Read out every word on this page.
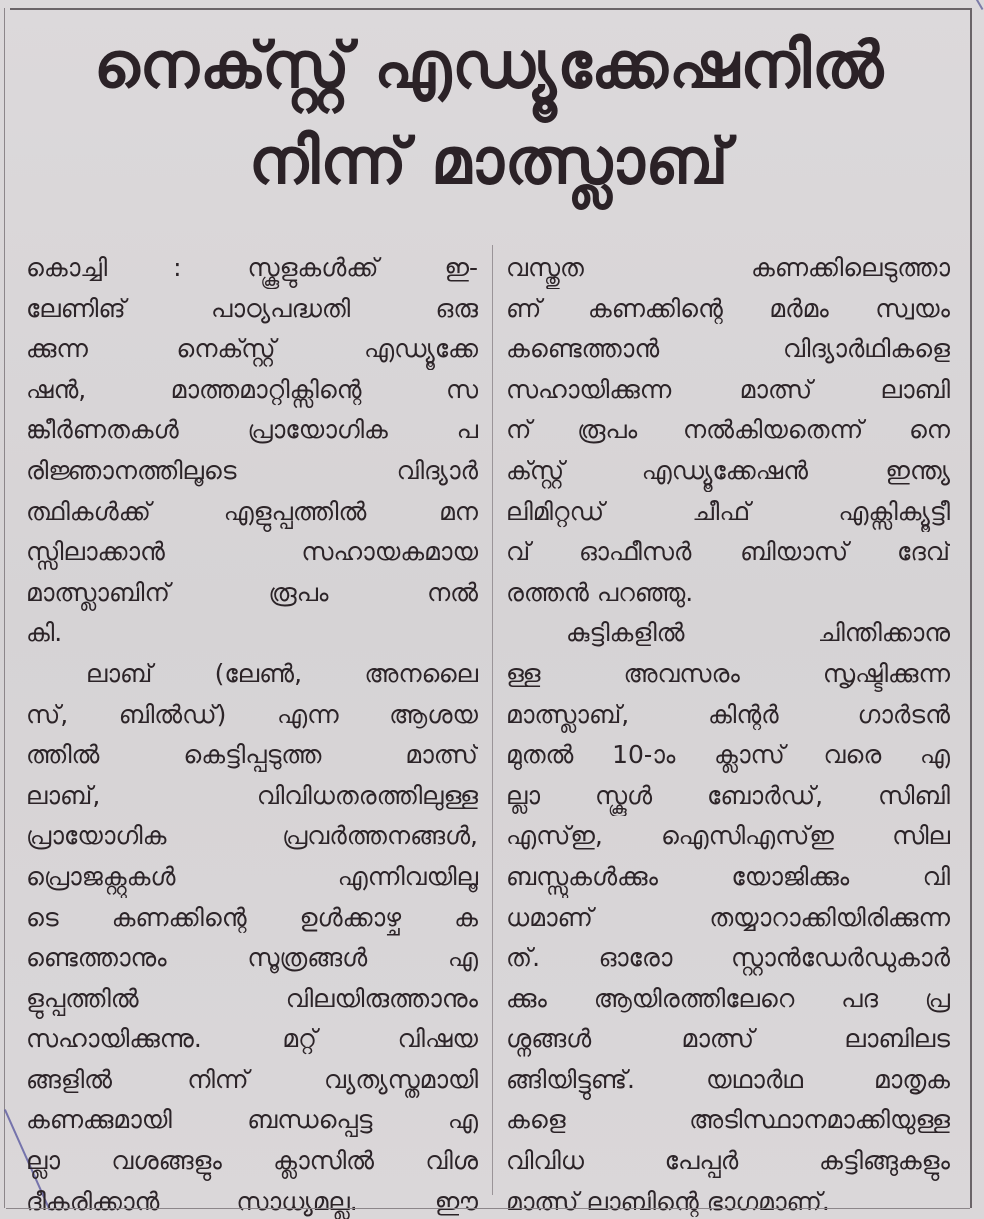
നെക്സ്റ്റ് എഡ്യൂക്കേഷനിൽ
നിന്ന് മാത്സ്ലാബ്
കൊച്ചി : സ്കൂളുകൾക്ക് ഇ-
ലേണിങ് പാഠ്യപദ്ധതി ഒരു
ക്കുന്ന നെക്സ്റ്റ് എഡ്യൂക്കേ
ഷൻ, മാത്തമാറ്റിക്സിന്റെ സ
ങ്കീർണതകൾ പ്രായോഗിക പ
രിജ്ഞാനത്തിലൂടെ വിദ്യാർ
ത്ഥികൾക്ക് എളുപ്പത്തിൽ മന
സ്സിലാക്കാൻ സഹായകമായ
മാത്സ്ലാബിന് രൂപം നൽ
കി.
ലാബ് (ലേൺ, അനലൈ
സ്, ബിൽഡ്) എന്ന ആശയ
ത്തിൽ കെട്ടിപ്പടുത്ത മാത്സ്
ലാബ്, വിവിധതരത്തിലുള്ള
പ്രായോഗിക പ്രവർത്തനങ്ങൾ,
പ്രൊജക്റ്റുകൾ എന്നിവയിലൂ
ടെ കണക്കിന്റെ ഉൾക്കാഴ്ച ക
ണ്ടെത്താനും സൂത്രങ്ങൾ എ
ളുപ്പത്തിൽ വിലയിരുത്താനും
സഹായിക്കുന്നു. മറ്റ് വിഷയ
ങ്ങളിൽ നിന്ന് വ്യത്യസ്തമായി
കണക്കുമായി ബന്ധപ്പെട്ട എ
ല്ലാ വശങ്ങളും ക്ലാസിൽ വിശ
ദീകരിക്കാൻ സാധ്യമല്ല. ഈ
വസ്തുത കണക്കിലെടുത്താ
ണ് കണക്കിന്റെ മർമം സ്വയം
കണ്ടെത്താൻ വിദ്യാർഥികളെ
സഹായിക്കുന്ന മാത്സ് ലാബി
ന് രൂപം നൽകിയതെന്ന് നെ
ക്സ്റ്റ് എഡ്യൂക്കേഷൻ ഇന്ത്യ
ലിമിറ്റഡ് ചീഫ് എക്സിക്യൂട്ടീ
വ് ഓഫീസർ ബിയാസ് ദേവ്
രത്തൻ പറഞ്ഞു.
കുട്ടികളിൽ ചിന്തിക്കാനു
ള്ള അവസരം സൃഷ്ടിക്കുന്ന
മാത്സ്ലാബ്, കിന്റർ ഗാർടൻ
മുതൽ 10-ാം ക്ലാസ് വരെ എ
ല്ലാ സ്കൂൾ ബോർഡ്, സിബി
എസ്ഇ, ഐസിഎസ്ഇ സില
ബസ്സുകൾക്കും യോജിക്കും വി
ധമാണ് തയ്യാറാക്കിയിരിക്കുന്ന
ത്. ഓരോ സ്റ്റാൻഡേർഡുകാർ
ക്കും ആയിരത്തിലേറെ പദ പ്ര
ശ്നങ്ങൾ മാത്സ് ലാബിലട
ങ്ങിയിട്ടുണ്ട്. യഥാർഥ മാതൃക
കളെ അടിസ്ഥാനമാക്കിയുള്ള
വിവിധ പേപ്പർ കട്ടിങ്ങുകളും
മാത്സ് ലാബിന്റെ ഭാഗമാണ്.
